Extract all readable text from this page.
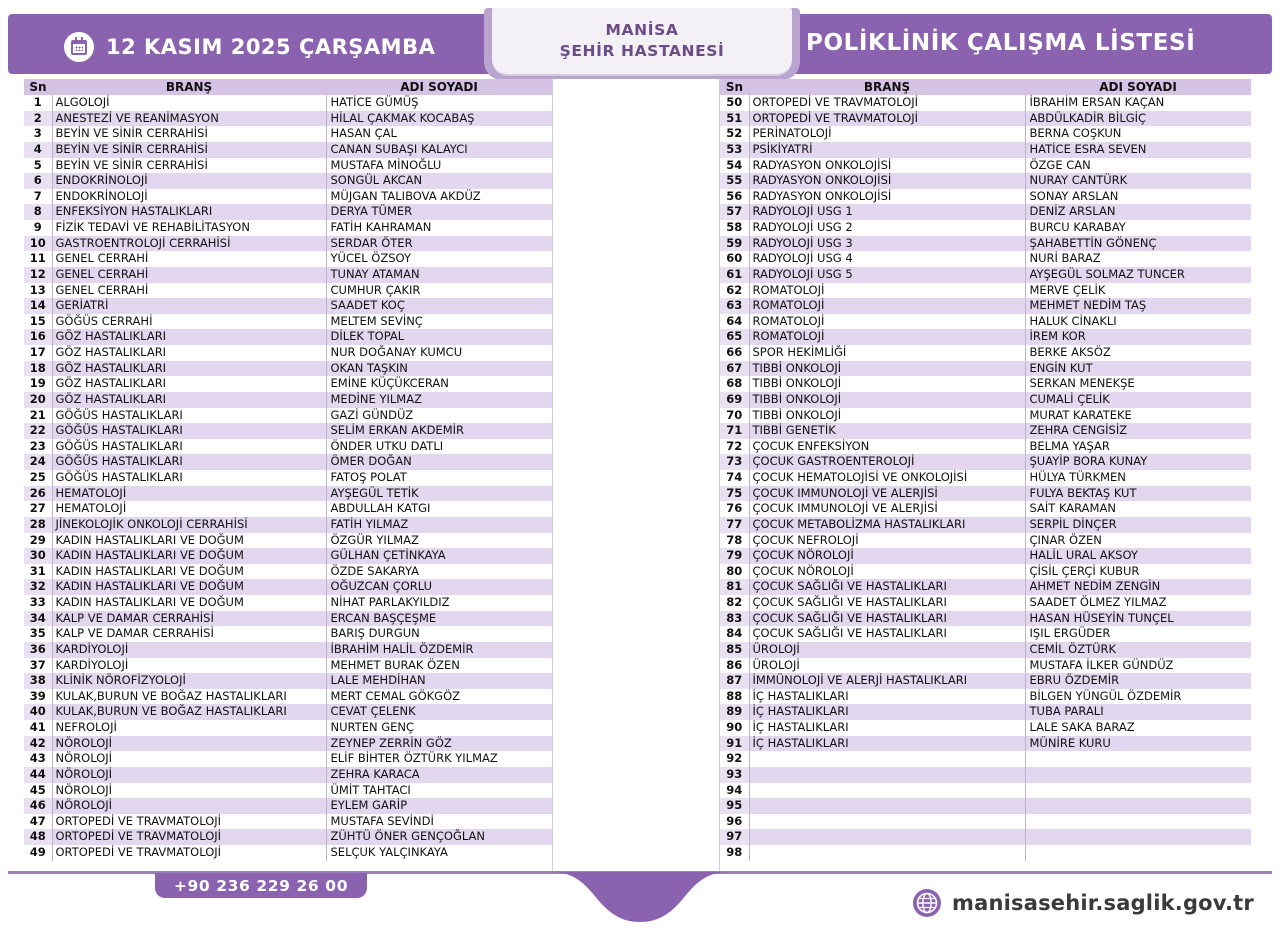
12 KASIM 2025 ÇARŞAMBA
MANİSA
ŞEHİR HASTANESİ	POLİKLİNİK ÇALIŞMA LİSTESİ
Sn	BRANŞ	ADI SOYADI
1	ALGOLOJİ	HATİCE GÜMÜŞ
2	ANESTEZİ VE REANİMASYON	HİLAL ÇAKMAK KOCABAŞ
3	BEYİN VE SİNİR CERRAHİSİ	HASAN ÇAL
4	BEYİN VE SİNİR CERRAHİSİ	CANAN SUBAŞI KALAYCI
5	BEYİN VE SİNİR CERRAHİSİ	MUSTAFA MİNOĞLU
6	ENDOKRİNOLOJİ	SONGÜL AKCAN
7	ENDOKRİNOLOJİ	MÜJGAN TALIBOVA AKDÜZ
8	ENFEKSİYON HASTALIKLARI	DERYA TÜMER
9	FİZİK TEDAVİ VE REHABİLİTASYON	FATİH KAHRAMAN
10	GASTROENTROLOJİ CERRAHİSİ	SERDAR ÖTER
11	GENEL CERRAHİ	YÜCEL ÖZSOY
12	GENEL CERRAHİ	TUNAY ATAMAN
13	GENEL CERRAHİ	CUMHUR ÇAKIR
14	GERİATRİ	SAADET KOÇ
15	GÖĞÜS CERRAHİ	MELTEM SEVİNÇ
16	GÖZ HASTALIKLARI	DİLEK TOPAL
17	GÖZ HASTALIKLARI	NUR DOĞANAY KUMCU
18	GÖZ HASTALIKLARI	OKAN TAŞKIN
19	GÖZ HASTALIKLARI	EMİNE KÜÇÜKCERAN
20	GÖZ HASTALIKLARI	MEDİNE YILMAZ
21	GÖĞÜS HASTALIKLARI	GAZİ GÜNDÜZ
22	GÖĞÜS HASTALIKLARI	SELİM ERKAN AKDEMİR
23	GÖĞÜS HASTALIKLARI	ÖNDER UTKU DATLI
24	GÖĞÜS HASTALIKLARI	ÖMER DOĞAN
25	GÖĞÜS HASTALIKLARI	FATOŞ POLAT
26	HEMATOLOJİ	AYŞEGÜL TETİK
27	HEMATOLOJİ	ABDULLAH KATGI
28	JİNEKOLOJİK ONKOLOJİ CERRAHİSİ	FATİH YILMAZ
29	KADIN HASTALIKLARI VE DOĞUM	ÖZGÜR YILMAZ
30	KADIN HASTALIKLARI VE DOĞUM	GÜLHAN ÇETİNKAYA
31	KADIN HASTALIKLARI VE DOĞUM	ÖZDE SAKARYA
32	KADIN HASTALIKLARI VE DOĞUM	OĞUZCAN ÇORLU
33	KADIN HASTALIKLARI VE DOĞUM	NİHAT PARLAKYILDIZ
34	KALP VE DAMAR CERRAHİSİ	ERCAN BAŞÇEŞME
35	KALP VE DAMAR CERRAHİSİ	BARIŞ DURGUN
36	KARDİYOLOJİ	İBRAHİM HALİL ÖZDEMİR
37	KARDİYOLOJİ	MEHMET BURAK ÖZEN
38	KLİNİK NÖROFİZYOLOJİ	LALE MEHDİHAN
39	KULAK,BURUN VE BOĞAZ HASTALIKLARI	MERT CEMAL GÖKGÖZ
40	KULAK,BURUN VE BOĞAZ HASTALIKLARI	CEVAT ÇELENK
41	NEFROLOJİ	NURTEN GENÇ
42	NÖROLOJİ	ZEYNEP ZERRİN GÖZ
43	NÖROLOJİ	ELİF BİHTER ÖZTÜRK YILMAZ
44	NÖROLOJİ	ZEHRA KARACA
45	NÖROLOJİ	ÜMİT TAHTACI
46	NÖROLOJİ	EYLEM GARİP
47	ORTOPEDİ VE TRAVMATOLOJİ	MUSTAFA SEVİNDİ
48	ORTOPEDİ VE TRAVMATOLOJİ	ZÜHTÜ ÖNER GENÇOĞLAN
49	ORTOPEDİ VE TRAVMATOLOJİ	SELÇUK YALÇINKAYA
Sn	BRANŞ	ADI SOYADI
50	ORTOPEDİ VE TRAVMATOLOJİ	İBRAHİM ERSAN KAÇAN
51	ORTOPEDİ VE TRAVMATOLOJİ	ABDÜLKADİR BİLGİÇ
52	PERİNATOLOJİ	BERNA COŞKUN
53	PSİKİYATRİ	HATİCE ESRA SEVEN
54	RADYASYON ONKOLOJİSİ	ÖZGE CAN
55	RADYASYON ONKOLOJİSİ	NURAY CANTÜRK
56	RADYASYON ONKOLOJİSİ	SONAY ARSLAN
57	RADYOLOJİ USG 1	DENİZ ARSLAN
58	RADYOLOJİ USG 2	BURCU KARABAY
59	RADYOLOJİ USG 3	ŞAHABETTİN GÖNENÇ
60	RADYOLOJİ USG 4	NURİ BARAZ
61	RADYOLOJİ USG 5	AYŞEGÜL SOLMAZ TUNCER
62	ROMATOLOJİ	MERVE ÇELİK
63	ROMATOLOJİ	MEHMET NEDİM TAŞ
64	ROMATOLOJİ	HALUK CİNAKLI
65	ROMATOLOJİ	İREM KOR
66	SPOR HEKİMLİĞİ	BERKE AKSÖZ
67	TIBBİ ONKOLOJİ	ENGİN KUT
68	TIBBİ ONKOLOJİ	SERKAN MENEKŞE
69	TIBBİ ONKOLOJİ	CUMALİ ÇELİK
70	TIBBİ ONKOLOJİ	MURAT KARATEKE
71	TIBBİ GENETİK	ZEHRA CENGİSİZ
72	ÇOCUK ENFEKSİYON	BELMA YAŞAR
73	ÇOCUK GASTROENTEROLOJİ	ŞUAYİP BORA KUNAY
74	ÇOCUK HEMATOLOJİSİ VE ONKOLOJİSİ	HÜLYA TÜRKMEN
75	ÇOCUK IMMUNOLOJİ VE ALERJİSİ	FULYA BEKTAŞ KUT
76	ÇOCUK IMMUNOLOJİ VE ALERJİSİ	SAİT KARAMAN
77	ÇOCUK METABOLİZMA HASTALIKLARI	SERPİL DİNÇER
78	ÇOCUK NEFROLOJİ	ÇINAR ÖZEN
79	ÇOCUK NÖROLOJİ	HALİL URAL AKSOY
80	ÇOCUK NÖROLOJİ	ÇİSİL ÇERÇİ KUBUR
81	ÇOCUK SAĞLIĞI VE HASTALIKLARI	AHMET NEDİM ZENGİN
82	ÇOCUK SAĞLIĞI VE HASTALIKLARI	SAADET ÖLMEZ YILMAZ
83	ÇOCUK SAĞLIĞI VE HASTALIKLARI	HASAN HÜSEYİN TUNÇEL
84	ÇOCUK SAĞLIĞI VE HASTALIKLARI	IŞIL ERGÜDER
85	ÜROLOJİ	CEMİL ÖZTÜRK
86	ÜROLOJİ	MUSTAFA İLKER GÜNDÜZ
87	İMMÜNOLOJİ VE ALERJİ HASTALIKLARI	EBRU ÖZDEMİR
88	İÇ HASTALIKLARI	BİLGEN YÜNGÜL ÖZDEMİR
89	İÇ HASTALIKLARI	TUBA PARALI
90	İÇ HASTALIKLARI	LALE SAKA BARAZ
91	İÇ HASTALIKLARI	MÜNİRE KURU
92		
93		
94		
95		
96		
97		
98		
+90 236 229 26 00
manisasehir.saglik.gov.tr
